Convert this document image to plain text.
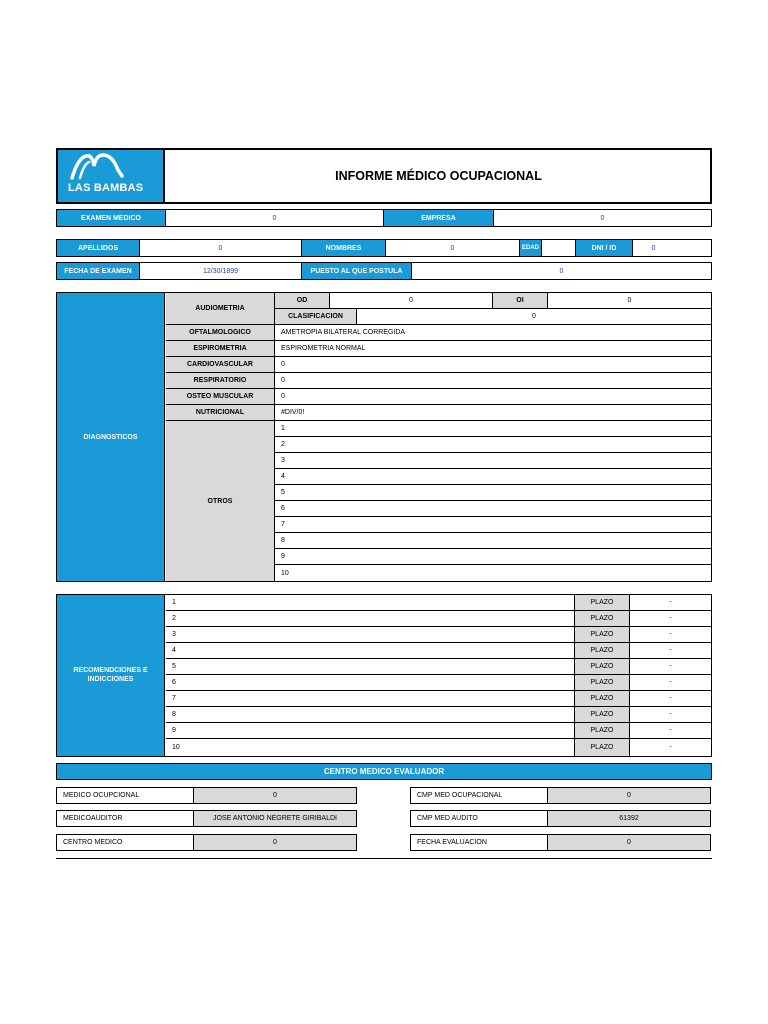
LAS BAMBAS
INFORME MÉDICO OCUPACIONAL
EXAMEN MEDICO	0	EMPRESA	0
APELLIDOS	0	NOMBRES	0	EDAD	DNI / ID	0
FECHA DE EXAMEN	12/30/1899	PUESTO AL QUE POSTULA	0
DIAGNOSTICOS
AUDIOMETRIA
OD	0	OI	0
CLASIFICACION	0
OFTALMOLOGICO	AMETROPIA BILATERAL CORREGIDA
ESPIROMETRIA	ESPIROMETRIA NORMAL
CARDIOVASCULAR	0
RESPIRATORIO	0
OSTEO MUSCULAR	0
NUTRICIONAL	#DIV/0!
OTROS
1
2
3
4
5
6
7
8
9
10
RECOMENDCIONES E INDICCIONES
1	PLAZO	-
2	PLAZO	-
3	PLAZO	-
4	PLAZO	-
5	PLAZO	-
6	PLAZO	-
7	PLAZO	-
8	PLAZO	-
9	PLAZO	-
10	PLAZO	-
CENTRO MEDICO EVALUADOR
MEDICO OCUPCIONAL	0	CMP MED OCUPACIONAL	0
MEDICOAUDITOR	JOSE ANTONIO NEGRETE GIRIBALDI	CMP MED AUDITO	61392
CENTRO MEDICO	0	FECHA EVALUACION	0
